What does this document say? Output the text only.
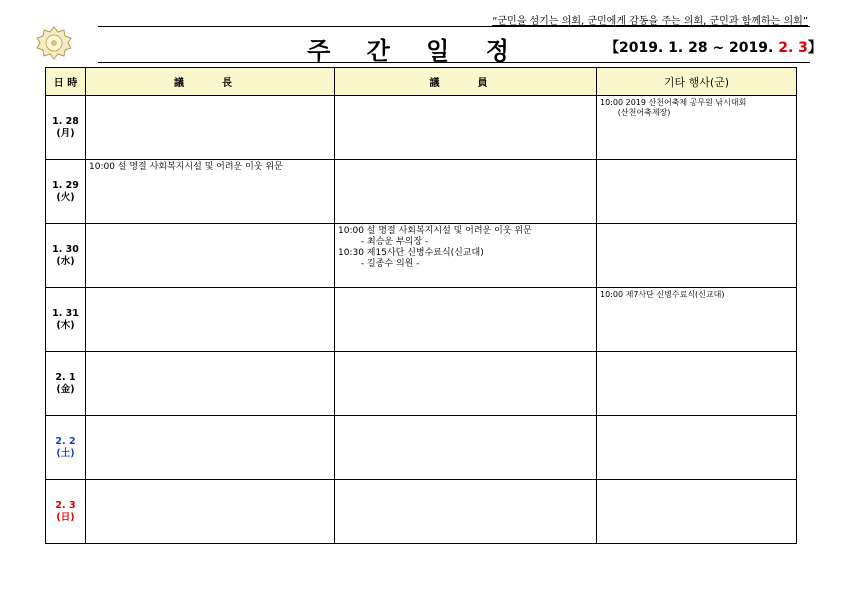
“군민을 섬기는 의회, 군민에게 감동을 주는 의회, 군민과 함께하는 의회”
주 간 일 정	【2019. 1. 28 ~ 2019. 2. 3】
日 時	議　長	議　員	기타 행사(군)

1. 28
(月)			10:00 2019 산천어축제 공무원 낚시대회
(산천어축제장)

1. 29
(火)	10:00 설 명절 사회복지시설 및 어려운 이웃 위문		

1. 30
(水)		10:00 설 명절 사회복지시설 및 어려운 이웃 위문
- 최승운 부의장 -
10:30 제15사단 신병수료식(신교대)
- 길종수 의원 -	

1. 31
(木)			10:00 제7사단 신병수료식(신교대)

2. 1
(金)			

2. 2
(土)			

2. 3
(日)			
